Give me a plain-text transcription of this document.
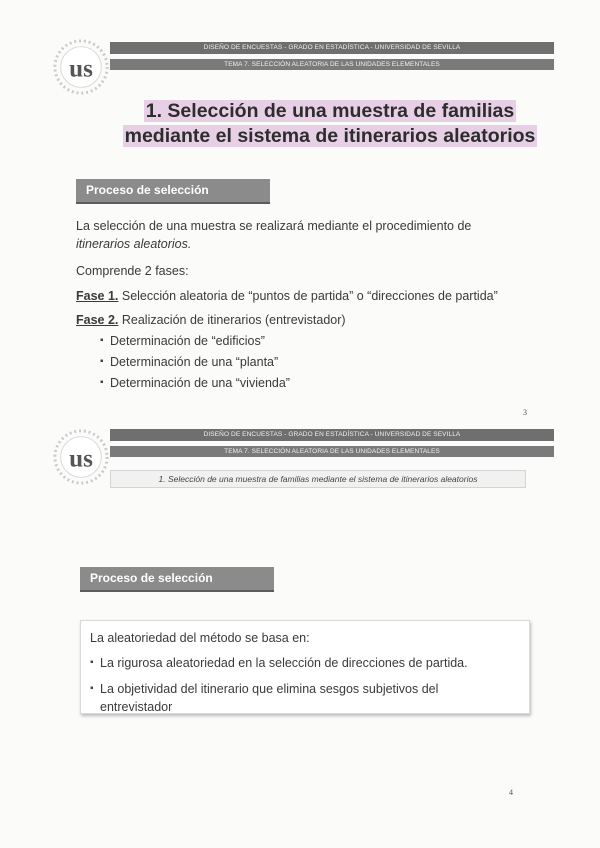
us
DISEÑO DE ENCUESTAS - GRADO EN ESTADÍSTICA - UNIVERSIDAD DE SEVILLA
TEMA 7. SELECCIÓN ALEATORIA DE LAS UNIDADES ELEMENTALES
1. Selección de una muestra de familias
mediante el sistema de itinerarios aleatorios
Proceso de selección
La selección de una muestra se realizará mediante el procedimiento de
itinerarios aleatorios.
Comprende 2 fases:
Fase 1. Selección aleatoria de “puntos de partida” o “direcciones de partida”
Fase 2. Realización de itinerarios (entrevistador)
▪ Determinación de “edificios”
▪ Determinación de una “planta”
▪ Determinación de una “vivienda”
3
us
DISEÑO DE ENCUESTAS - GRADO EN ESTADÍSTICA - UNIVERSIDAD DE SEVILLA
TEMA 7. SELECCIÓN ALEATORIA DE LAS UNIDADES ELEMENTALES
1. Selección de una muestra de familias mediante el sistema de itinerarios aleatorios
Proceso de selección
La aleatoriedad del método se basa en:
▪ La rigurosa aleatoriedad en la selección de direcciones de partida.
▪ La objetividad del itinerario que elimina sesgos subjetivos del entrevistador
4
